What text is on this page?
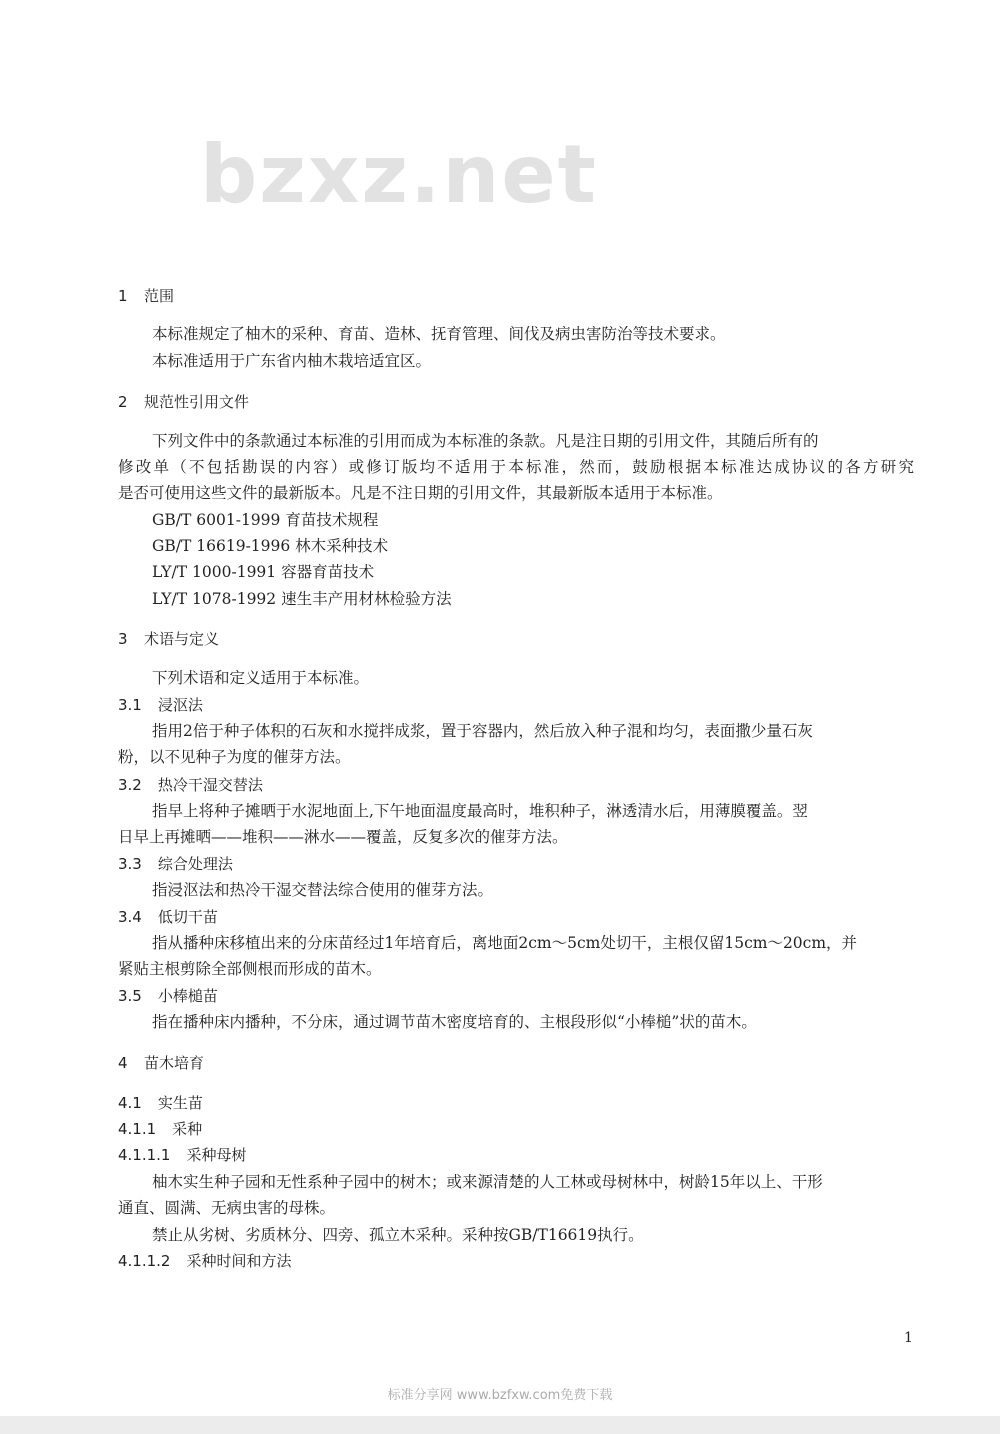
bzxz.net
1 范围
本标准规定了柚木的采种、育苗、造林、抚育管理、间伐及病虫害防治等技术要求。
本标准适用于广东省内柚木栽培适宜区。
2 规范性引用文件
下列文件中的条款通过本标准的引用而成为本标准的条款。凡是注日期的引用文件，其随后所有的
修改单（不包括勘误的内容）或修订版均不适用于本标准，然而，鼓励根据本标准达成协议的各方研究
是否可使用这些文件的最新版本。凡是不注日期的引用文件，其最新版本适用于本标准。
GB/T 6001-1999 育苗技术规程
GB/T 16619-1996 林木采种技术
LY/T 1000-1991 容器育苗技术
LY/T 1078-1992 速生丰产用材林检验方法
3 术语与定义
下列术语和定义适用于本标准。
3.1 浸沤法
指用2倍于种子体积的石灰和水搅拌成浆，置于容器内，然后放入种子混和均匀，表面撒少量石灰
粉，以不见种子为度的催芽方法。
3.2 热冷干湿交替法
指早上将种子摊晒于水泥地面上,下午地面温度最高时，堆积种子，淋透清水后，用薄膜覆盖。翌
日早上再摊晒——堆积——淋水——覆盖，反复多次的催芽方法。
3.3 综合处理法
指浸沤法和热冷干湿交替法综合使用的催芽方法。
3.4 低切干苗
指从播种床移植出来的分床苗经过1年培育后，离地面2cm～5cm处切干，主根仅留15cm～20cm，并
紧贴主根剪除全部侧根而形成的苗木。
3.5 小棒槌苗
指在播种床内播种，不分床，通过调节苗木密度培育的、主根段形似“小棒槌”状的苗木。
4 苗木培育
4.1 实生苗
4.1.1 采种
4.1.1.1 采种母树
柚木实生种子园和无性系种子园中的树木；或来源清楚的人工林或母树林中，树龄15年以上、干形
通直、圆满、无病虫害的母株。
禁止从劣树、劣质林分、四旁、孤立木采种。采种按GB/T16619执行。
4.1.1.2 采种时间和方法
1
标准分享网 www.bzfxw.com免费下载
